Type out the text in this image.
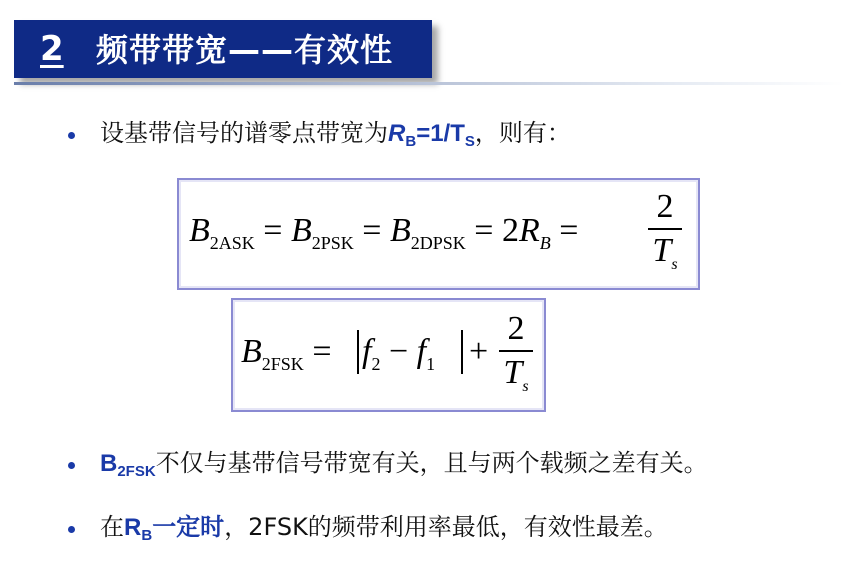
2 频带带宽——有效性
设基带信号的谱零点带宽为$R_B=1/T_S$，则有：
$B_{2ASK} = B_{2PSK} = B_{2DPSK} = 2R_B$ =
2
$T_s$
$B_{2FSK} = f_2 - f_1$ +
2
$T_s$
$B_{2FSK}$不仅与基带信号带宽有关，且与两个载频之差有关。
在$R_B$一定时，2FSK的频带利用率最低，有效性最差。
